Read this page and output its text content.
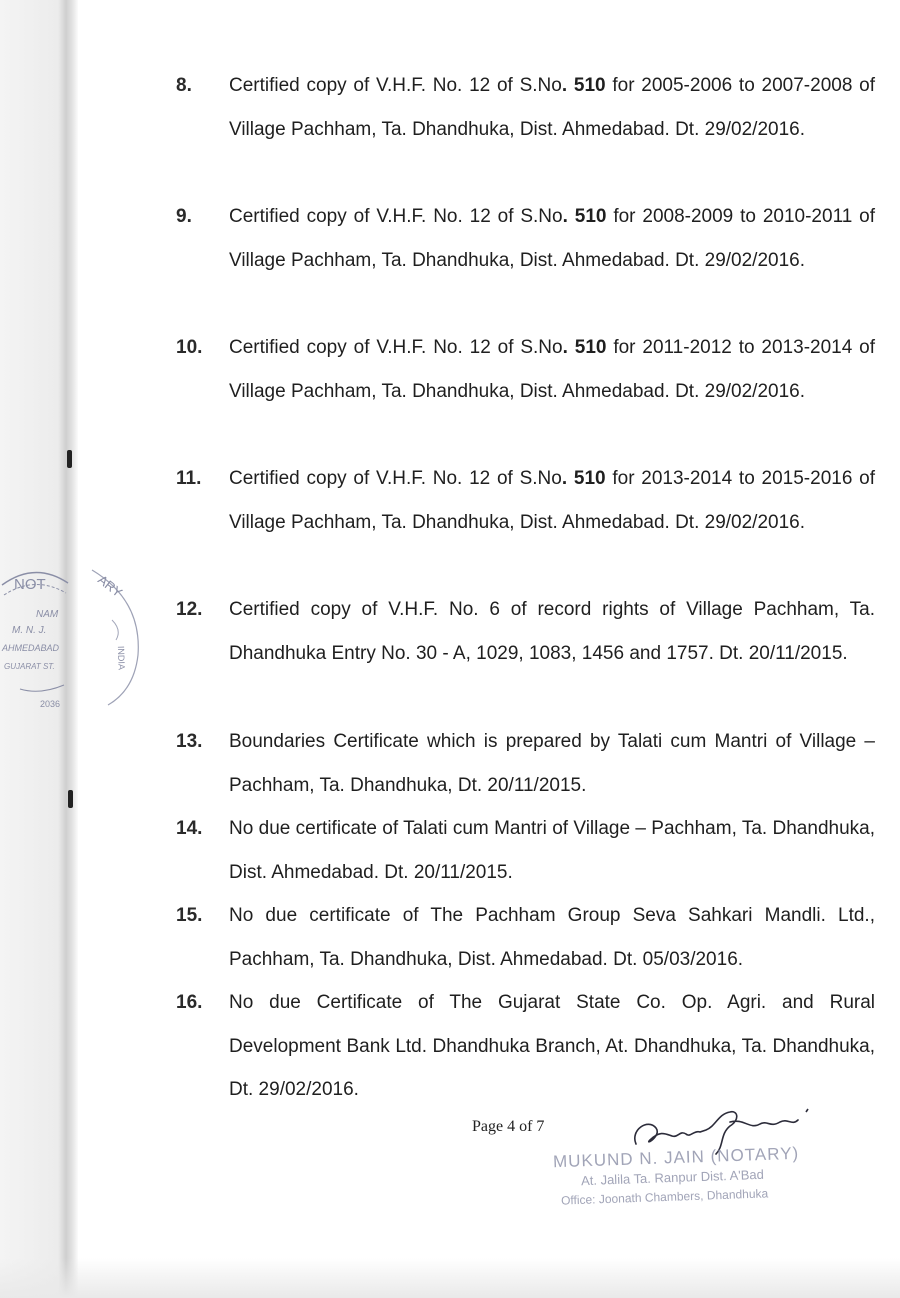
8. Certified copy of V.H.F. No. 12 of S.No. 510 for 2005-2006 to 2007-2008 of Village Pachham, Ta. Dhandhuka, Dist. Ahmedabad. Dt. 29/02/2016.
9. Certified copy of V.H.F. No. 12 of S.No. 510 for 2008-2009 to 2010-2011 of Village Pachham, Ta. Dhandhuka, Dist. Ahmedabad. Dt. 29/02/2016.
10. Certified copy of V.H.F. No. 12 of S.No. 510 for 2011-2012 to 2013-2014 of Village Pachham, Ta. Dhandhuka, Dist. Ahmedabad. Dt. 29/02/2016.
11. Certified copy of V.H.F. No. 12 of S.No. 510 for 2013-2014 to 2015-2016 of Village Pachham, Ta. Dhandhuka, Dist. Ahmedabad. Dt. 29/02/2016.
12. Certified copy of V.H.F. No. 6 of record rights of Village Pachham, Ta. Dhandhuka Entry No. 30 - A, 1029, 1083, 1456 and 1757. Dt. 20/11/2015.
13. Boundaries Certificate which is prepared by Talati cum Mantri of Village – Pachham, Ta. Dhandhuka, Dt. 20/11/2015.
14. No due certificate of Talati cum Mantri of Village – Pachham, Ta. Dhandhuka, Dist. Ahmedabad. Dt. 20/11/2015.
15. No due certificate of The Pachham Group Seva Sahkari Mandli. Ltd., Pachham, Ta. Dhandhuka, Dist. Ahmedabad. Dt. 05/03/2016.
16. No due Certificate of The Gujarat State Co. Op. Agri. and Rural Development Bank Ltd. Dhandhuka Branch, At. Dhandhuka, Ta. Dhandhuka, Dt. 29/02/2016.
NOT
NAM
M. N. J.
AHMEDABAD
GUJARAT ST.
2036
ARY
INDIA
Page 4 of 7
MUKUND N. JAIN (NOTARY)
At. Jalila Ta. Ranpur Dist. A'Bad
Office: Joonath Chambers, Dhandhuka
